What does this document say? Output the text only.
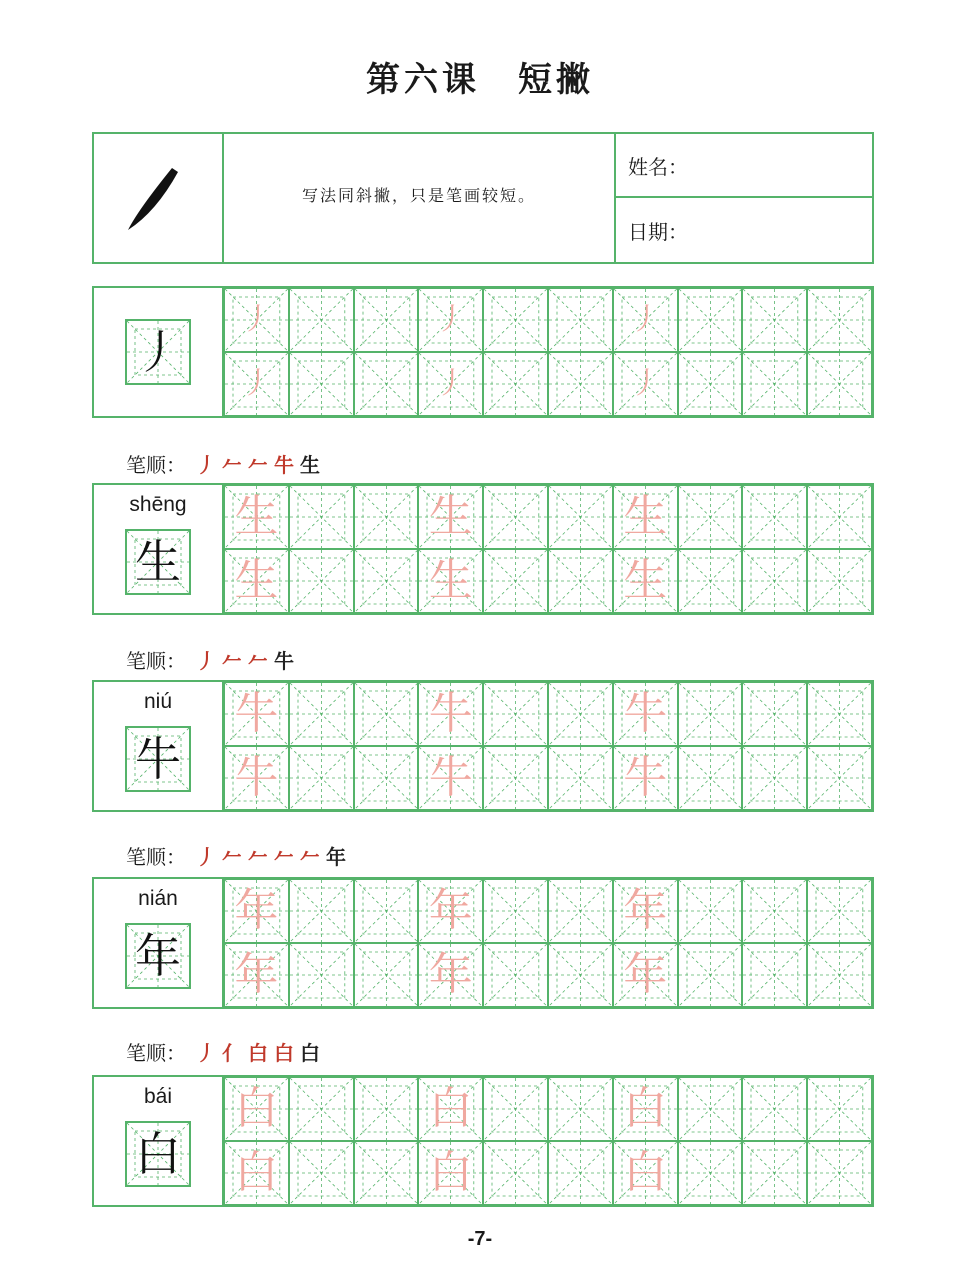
第六课　短撇
写法同斜撇，只是笔画较短。
姓名：
日期：
丿
丿	丿	丿
丿	丿	丿
笔顺： 丿 𠂉 𠂉 牛 生
shēng
生
生	生	生
生	生	生
笔顺： 丿 𠂉 𠂉 牛
niú
牛
牛	牛	牛
牛	牛	牛
笔顺： 丿 𠂉 𠂉 𠂉 𠂉 年
nián
年
年	年	年
年	年	年
笔顺： 丿 亻 白 白 白
bái
白
白	白	白
白	白	白
-7-
